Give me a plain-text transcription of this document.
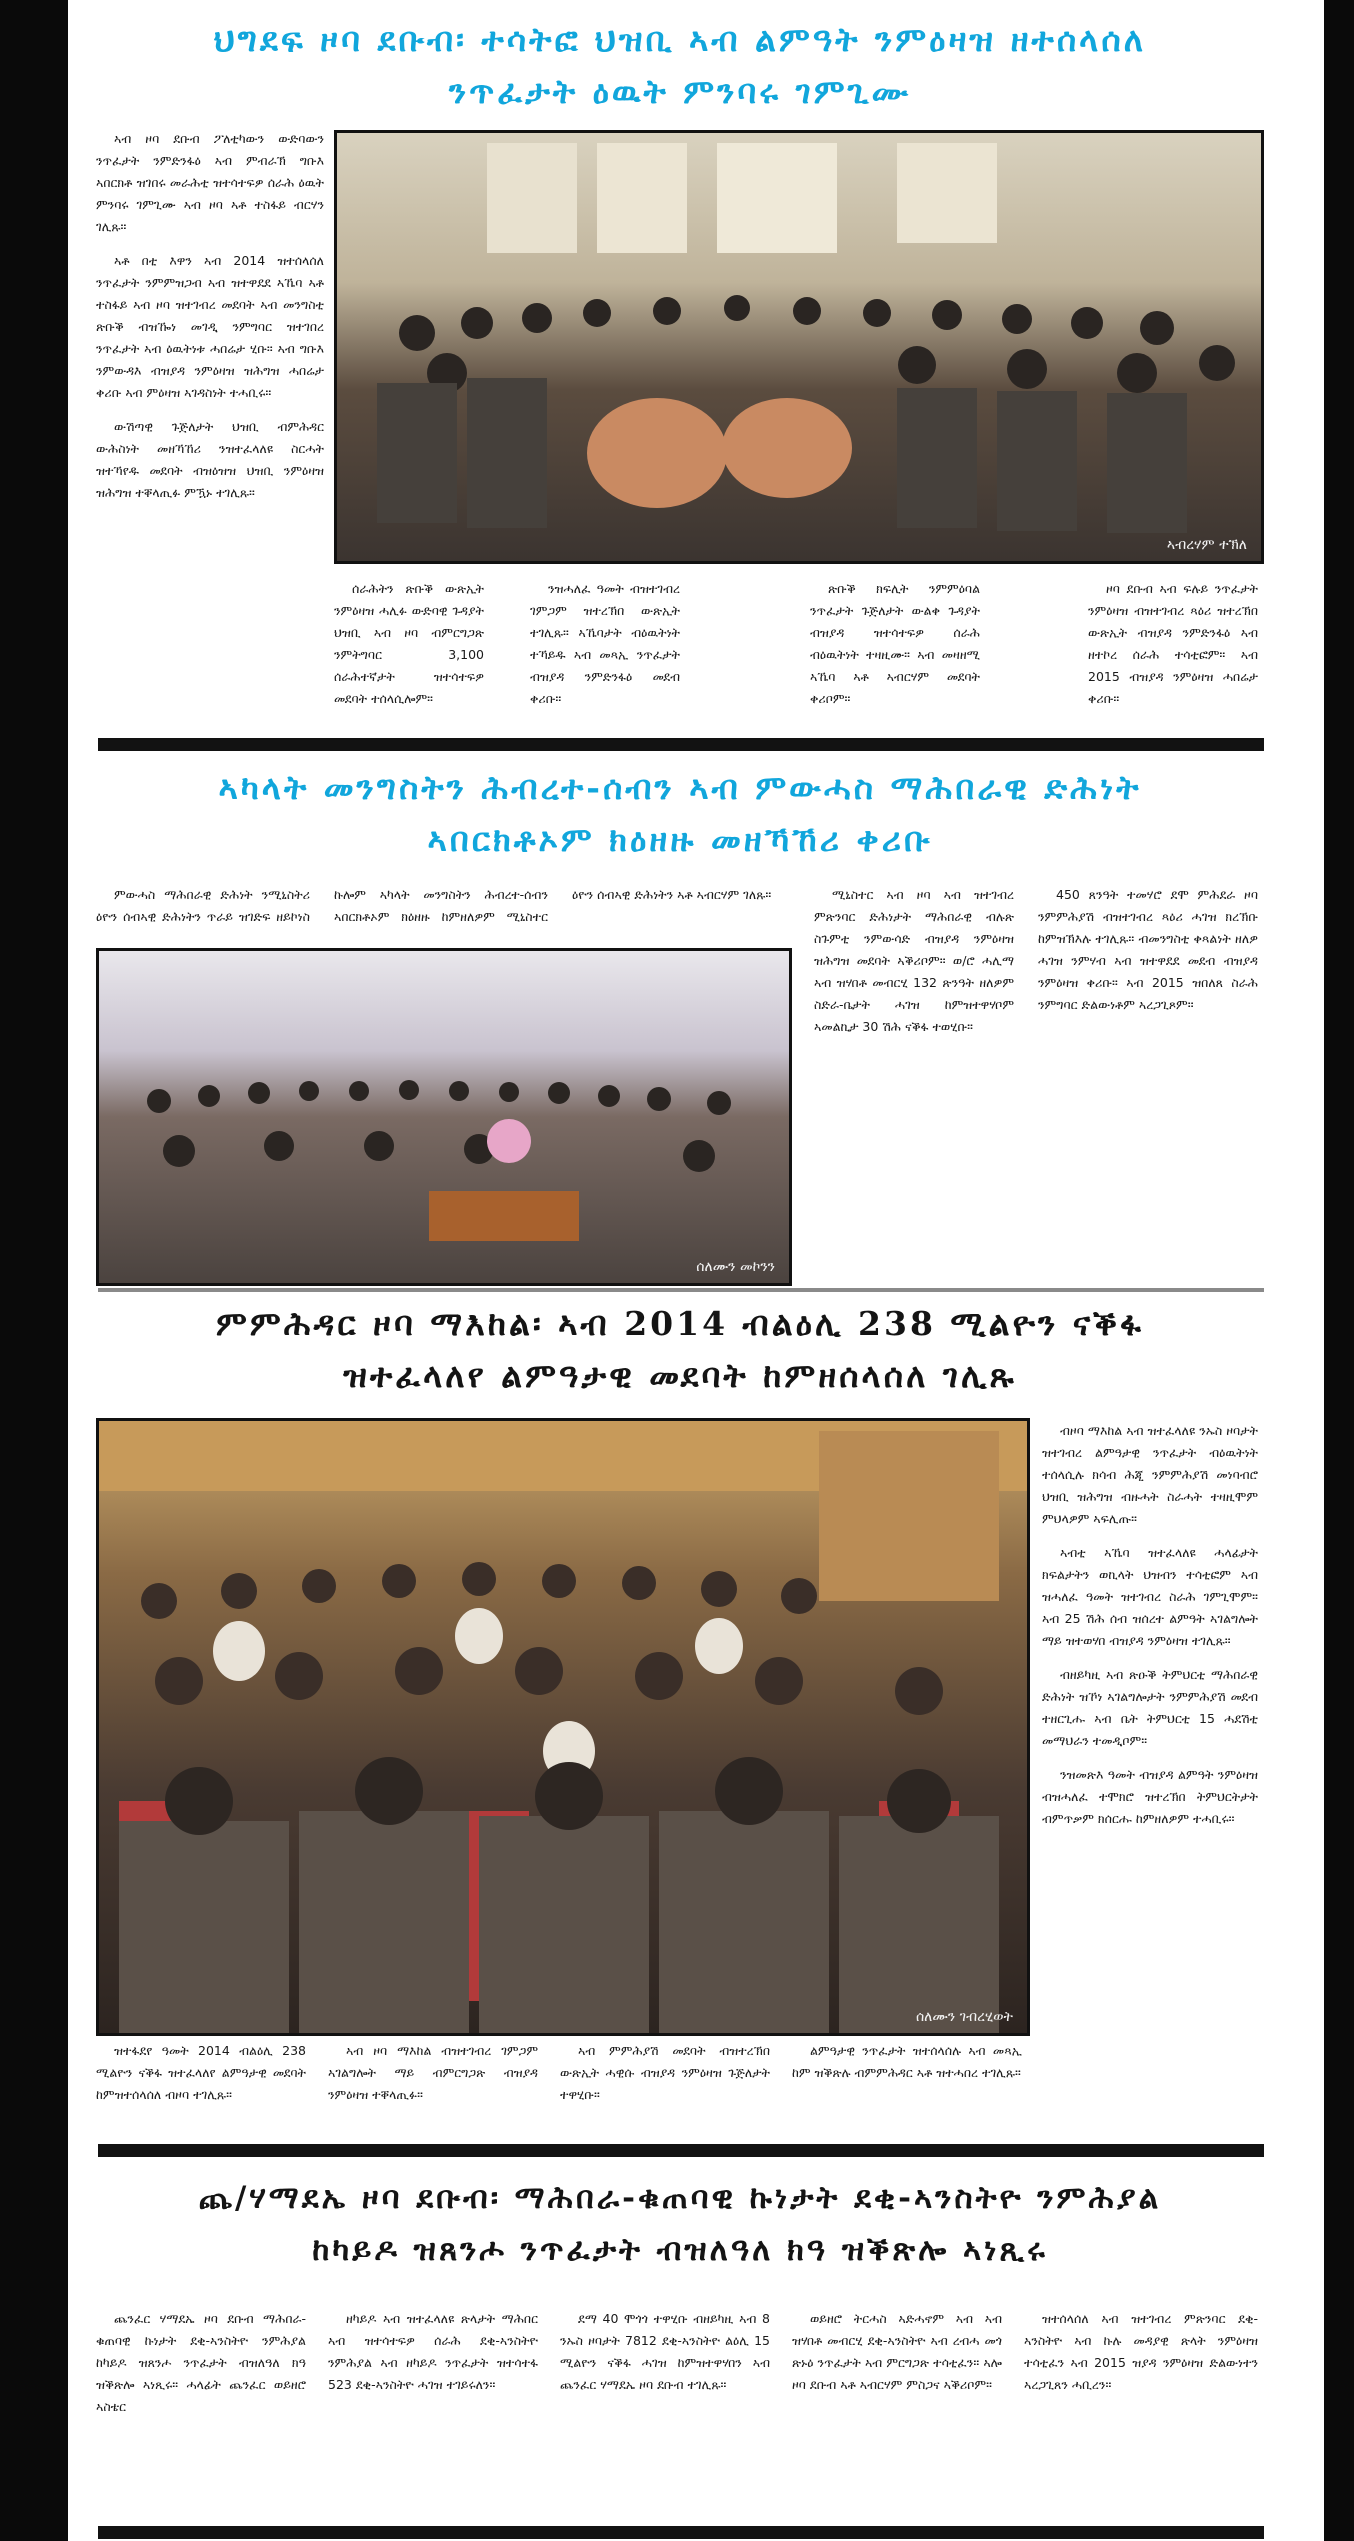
ህግደፍ ዞባ ደቡብ፡ ተሳትፎ ህዝቢ ኣብ ልምዓት ንምዕዛዝ ዘተሰላሰለ
ንጥፈታት ዕዉት ምንባሩ ገምጊሙ

ኣብ ዞባ ደቡብ ፖለቲካውን ውድባውን ንጥፈታት ንምድንፋዕ ኣብ ምብራኽ ግቡእ ኣበርክቶ ዝገበሩ መራሕቲ ዝተሳተፍዎ ሰራሕ ዕዉት ምንባሩ ገምጊሙ ኣብ ዞባ ኣቶ ተስፋይ ብርሃን ገሊጹ።

ኣቶ በቲ እዋን ኣብ 2014 ዝተሰላሰለ ንጥፈታት ንምምዝጋብ ኣብ ዝተዋደደ ኣኼባ ኣቶ ተስፋይ ኣብ ዞባ ዝተገብረ መደባት ኣብ መንግስቲ ጽቡቕ ብዝዀነ መገዲ ንምግባር ዝተገበረ ንጥፈታት ኣብ ዕዉትነቱ ሓበሬታ ሂቡ። ኣብ ግቡእ ንምውዳእ ብዝያዳ ንምዕዛዝ ዝሕግዝ ሓበሬታ ቀሪቡ ኣብ ምዕዛዝ ኣገዳስነት ተሓቢሩ።

ውሽጣዊ ጉጅለታት ህዝቢ ብምሕዳር ውሕስነት መዘኻኸሪ ንዝተፈላለዩ ስርሓት ዝተኻየዱ መደባት ብዝዕዝዝ ህዝቢ ንምዕዛዝ ዝሕግዝ ተቐላጢፉ ምዃኑ ተገሊጹ።

ኣብረሃም ተኽለ

ሰራሕትን ጽቡቕ ውጽኢት ንምዕዛዝ ሓሊፉ ውድባዊ ጉዳያት ህዝቢ ኣብ ዞባ ብምርግጋጽ ንምትግባር 3,100 ሰራሕተኛታት ዝተሳተፍዎ መደባት ተሰላሲሎም።

ንዝሓለፈ ዓመት ብዝተገብረ ገምጋም ዝተረኽበ ውጽኢት ተገሊጹ። ኣኼባታት ብዕዉትነት ተኻይዱ ኣብ መጻኢ ንጥፈታት ብዝያዳ ንምድንፋዕ መደብ ቀሪቡ።

ጽቡቕ ክፍሊት ንምምዕባል ንጥፈታት ጉጅለታት ውልቀ ጉዳያት ብዝያዳ ዝተሳተፍዎ ሰራሕ ብዕዉትነት ተዛዚሙ። ኣብ መዛዘሚ ኣኼባ ኣቶ ኣብርሃም መደባት ቀሪቦም።

ዞባ ደቡብ ኣብ ፍሉይ ንጥፈታት ንምዕዛዝ ብዝተገብረ ጻዕሪ ዝተረኽበ ውጽኢት ብዝያዳ ንምድንፋዕ ኣብ ዘተኮረ ሰራሕ ተሳቲፎም። ኣብ 2015 ብዝያዳ ንምዕዛዝ ሓበሬታ ቀሪቡ።

ኣካላት መንግስትን ሕብረተ-ሰብን ኣብ ምውሓስ ማሕበራዊ ድሕነት
ኣበርክቶኦም ክዕዘዙ መዘኻኸሪ ቀሪቡ

ምውሓስ ማሕበራዊ ድሕነት ንሚኒስትሪ ዕዮን ሰብኣዊ ድሕነትን ጥራይ ዝገድፍ ዘይኮነስ ኩሎም ኣካላት መንግስትን ሕብረተ-ሰብን ኣበርክቶኦም ክዕዘዙ ከምዘለዎም ሚኒስተር ዕዮን ሰብኣዊ ድሕነትን ኣቶ ኣብርሃም ገለጹ።

ሰለሙን መኮንን

ሚኒስተር ኣብ ዞባ ኣብ ዝተገብረ ምጽንባር ድሕነታት ማሕበራዊ ብሉጽ ስጉምቲ ንምውሳድ ብዝያዳ ንምዕዛዝ ዝሕግዝ መደባት ኣቕሪቦም። ወ/ሮ ሓሊማ ኣብ ዝሃበቶ መብርሂ 132 ጽንዓት ዘለዎም ስድራ-ቤታት ሓገዝ ከምዝተዋሃቦም ኣመልኪታ 30 ሽሕ ናቕፋ ተወሂቡ።

450 ጸንዓት ተመሃሮ ደሞ ምሕደራ ዞባ ንምምሕያሽ ብዝተገብረ ጻዕሪ ሓገዝ ክረኽቡ ከምዝኽእሉ ተገሊጹ። ብመንግስቲ ቀጻልነት ዘለዎ ሓገዝ ንምሃብ ኣብ ዝተዋደደ መደብ ብዝያዳ ንምዕዛዝ ቀሪቡ። ኣብ 2015 ዝበለጸ ስራሕ ንምግባር ድልውነቶም ኣረጋጊጾም።

ምምሕዳር ዞባ ማእከል፡ ኣብ 2014 ብልዕሊ 238 ሚልዮን ናቕፋ
ዝተፈላለየ ልምዓታዊ መደባት ከምዘሰላሰለ ገሊጹ
ሰለሙን ገብረሂወት

ብዞባ ማእከል ኣብ ዝተፈላለዩ ንኡስ ዞባታት ዝተገብረ ልምዓታዊ ንጥፈታት ብዕዉትነት ተሰላሲሉ ክሳብ ሕጂ ንምምሕያሽ መነባብሮ ህዝቢ ዝሕግዝ ብዙሓት ስራሓት ተዛዚሞም ምህላዎም ኣፍሊጡ።

ኣብቲ ኣኼባ ዝተፈላለዩ ሓላፊታት ክፍልታትን ወኪላት ህዝብን ተሳቲፎም ኣብ ዝሓለፈ ዓመት ዝተገብረ ስራሕ ገምጊሞም። ኣብ 25 ሽሕ ሰብ ዝሰረተ ልምዓት ኣገልግሎት ማይ ዝተወሃበ ብዝያዳ ንምዕዛዝ ተገሊጹ።

ብዘይካዚ ኣብ ጽዑቕ ትምህርቲ ማሕበራዊ ድሕነት ዝኾነ ኣገልግሎታት ንምምሕያሽ መደብ ተዘርጊሑ ኣብ ቤት ትምህርቲ 15 ሓደሽቲ መማህራን ተመዲቦም።

ንዝመጽእ ዓመት ብዝያዳ ልምዓት ንምዕዛዝ ብዝሓለፈ ተሞክሮ ዝተረኽበ ትምህርትታት ብምጥቃም ክሰርሑ ከምዘለዎም ተሓቢሩ።

ዝተፋደየ ዓመት 2014 ብልዕሊ 238 ሚልዮን ናቕፋ ዝተፈላለየ ልምዓታዊ መደባት ከምዝተሰላሰለ ብዞባ ተገሊጹ።

ኣብ ዞባ ማእከል ብዝተገብረ ገምጋም ኣገልግሎት ማይ ብምርግጋጽ ብዝያዳ ንምዕዛዝ ተቐላጢፉ።

ኣብ ምምሕያሽ መደባት ብዝተረኽበ ውጽኢት ሓዊሱ ብዝያዳ ንምዕዛዝ ጉጅለታት ተዋሂቡ።

ልምዓታዊ ንጥፈታት ዝተሰላሰሉ ኣብ መጻኢ ከም ዝቕጽሉ ብምምሕዳር ኣቶ ዝተሓበረ ተገሊጹ።

ጨ/ሃማደኤ ዞባ ደቡብ፡ ማሕበራ-ቁጠባዊ ኩነታት ደቂ-ኣንስትዮ ንምሕያል
ከካይዶ ዝጸንሖ ንጥፈታት ብዝለዓለ ክዓ ዝቕጽሎ ኣነጺሩ

ጨንፈር ሃማደኤ ዞባ ደቡብ ማሕበራ-ቁጠባዊ ኩነታት ደቂ-ኣንስትዮ ንምሕያል ከካይዶ ዝጸንሖ ንጥፈታት ብዝለዓለ ክዓ ዝቕጽሎ ኣነጺሩ። ሓላፊት ጨንፈር ወይዘሮ ኣስቴር

ዘካይዶ ኣብ ዝተፈላለዩ ጽላታት ማሕበር ኣብ ዝተሳተፍዎ ሰራሕ ደቂ-ኣንስትዮ ንምሕያል ኣብ ዘካይዶ ንጥፈታት ዝተሳተፋ 523 ደቂ-ኣንስትዮ ሓገዝ ተገይሩለን።

ደማ 40 ሞጎጎ ተዋሂቡ ብዘይካዚ ኣብ 8 ንኡስ ዞባታት 7812 ደቂ-ኣንስትዮ ልዕሊ 15 ሚልዮን ናቕፋ ሓገዝ ከምዝተዋሃበን ኣብ ጨንፈር ሃማደኤ ዞባ ደቡብ ተገሊጹ።

ወይዘሮ ትርሓስ ኣድሓኖም ኣብ ኣብ ዝሃበቶ መብርሂ ደቂ-ኣንስትዮ ኣብ ረብሓ መጎ ጽኑዕ ንጥፈታት ኣብ ምርግጋጽ ተሳቲፈን። ኣሎ ዞባ ደቡብ ኣቶ ኣብርሃም ምስጋና ኣቕሪቦም።

ዝተሰላሰለ ኣብ ዝተገብረ ምጽንባር ደቂ-ኣንስትዮ ኣብ ኩሉ መዳያዊ ጽላት ንምዕዛዝ ተሳቲፈን ኣብ 2015 ዝያዳ ንምዕዛዝ ድልውነተን ኣረጋጊጸን ሓቢረን።
